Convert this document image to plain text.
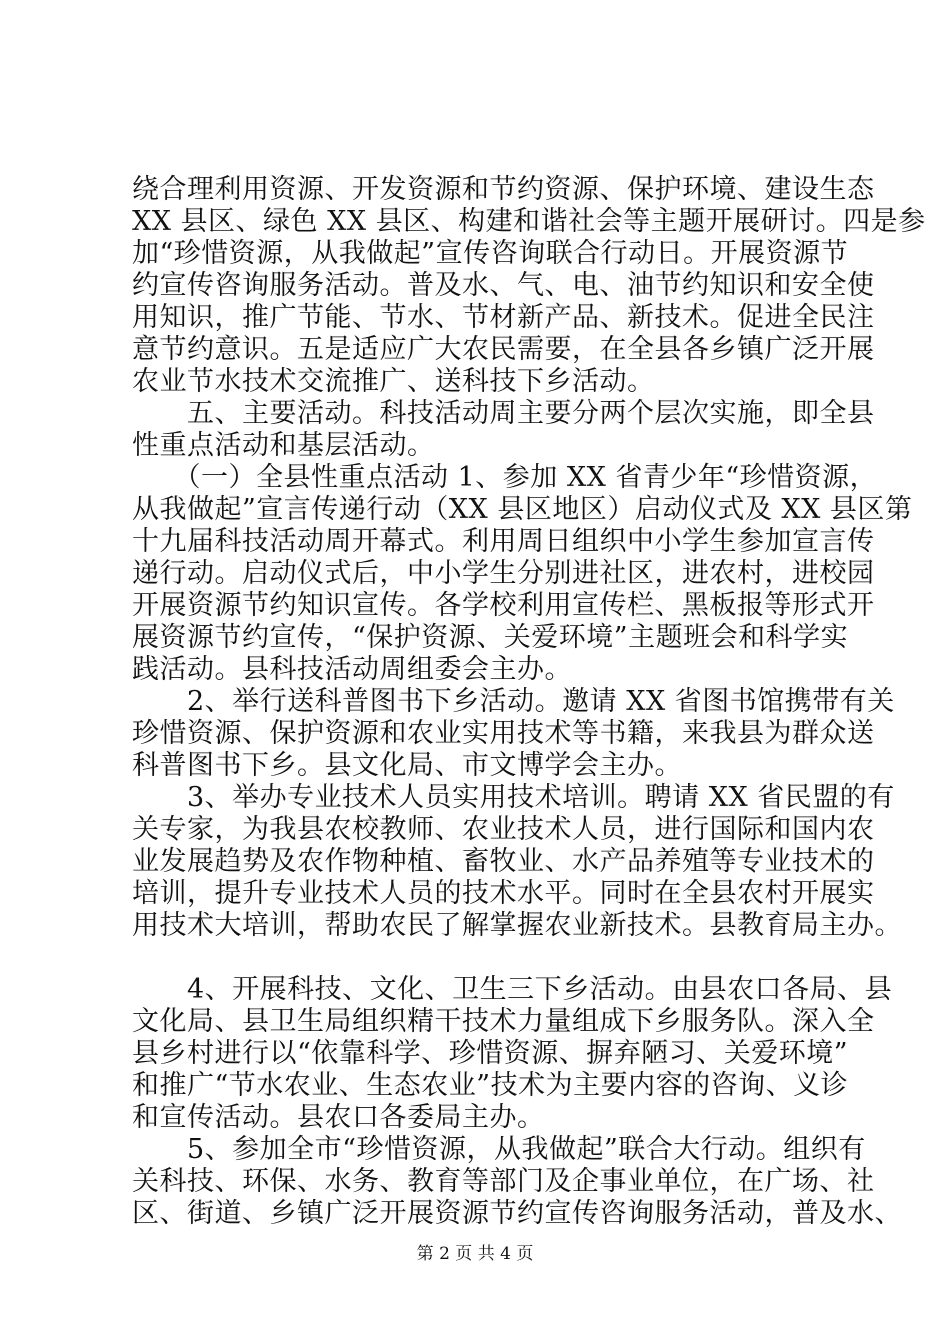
绕合理利用资源、开发资源和节约资源、保护环境、建设生态
XX 县区、绿色 XX 县区、构建和谐社会等主题开展研讨。四是参
加“珍惜资源，从我做起”宣传咨询联合行动日。开展资源节
约宣传咨询服务活动。普及水、气、电、油节约知识和安全使
用知识，推广节能、节水、节材新产品、新技术。促进全民注
意节约意识。五是适应广大农民需要，在全县各乡镇广泛开展
农业节水技术交流推广、送科技下乡活动。
　　五、主要活动。科技活动周主要分两个层次实施，即全县
性重点活动和基层活动。
　　（一）全县性重点活动 1、参加 XX 省青少年“珍惜资源，
从我做起”宣言传递行动（XX 县区地区）启动仪式及 XX 县区第
十九届科技活动周开幕式。利用周日组织中小学生参加宣言传
递行动。启动仪式后，中小学生分别进社区，进农村，进校园
开展资源节约知识宣传。各学校利用宣传栏、黑板报等形式开
展资源节约宣传，“保护资源、关爱环境”主题班会和科学实
践活动。县科技活动周组委会主办。
　　2、举行送科普图书下乡活动。邀请 XX 省图书馆携带有关
珍惜资源、保护资源和农业实用技术等书籍，来我县为群众送
科普图书下乡。县文化局、市文博学会主办。
　　3、举办专业技术人员实用技术培训。聘请 XX 省民盟的有
关专家，为我县农校教师、农业技术人员，进行国际和国内农
业发展趋势及农作物种植、畜牧业、水产品养殖等专业技术的
培训，提升专业技术人员的技术水平。同时在全县农村开展实
用技术大培训，帮助农民了解掌握农业新技术。县教育局主办。
　　4、开展科技、文化、卫生三下乡活动。由县农口各局、县
文化局、县卫生局组织精干技术力量组成下乡服务队。深入全
县乡村进行以“依靠科学、珍惜资源、摒弃陋习、关爱环境”
和推广“节水农业、生态农业”技术为主要内容的咨询、义诊
和宣传活动。县农口各委局主办。
　　5、参加全市“珍惜资源，从我做起”联合大行动。组织有
关科技、环保、水务、教育等部门及企事业单位，在广场、社
区、街道、乡镇广泛开展资源节约宣传咨询服务活动，普及水、
第 2 页 共 4 页
